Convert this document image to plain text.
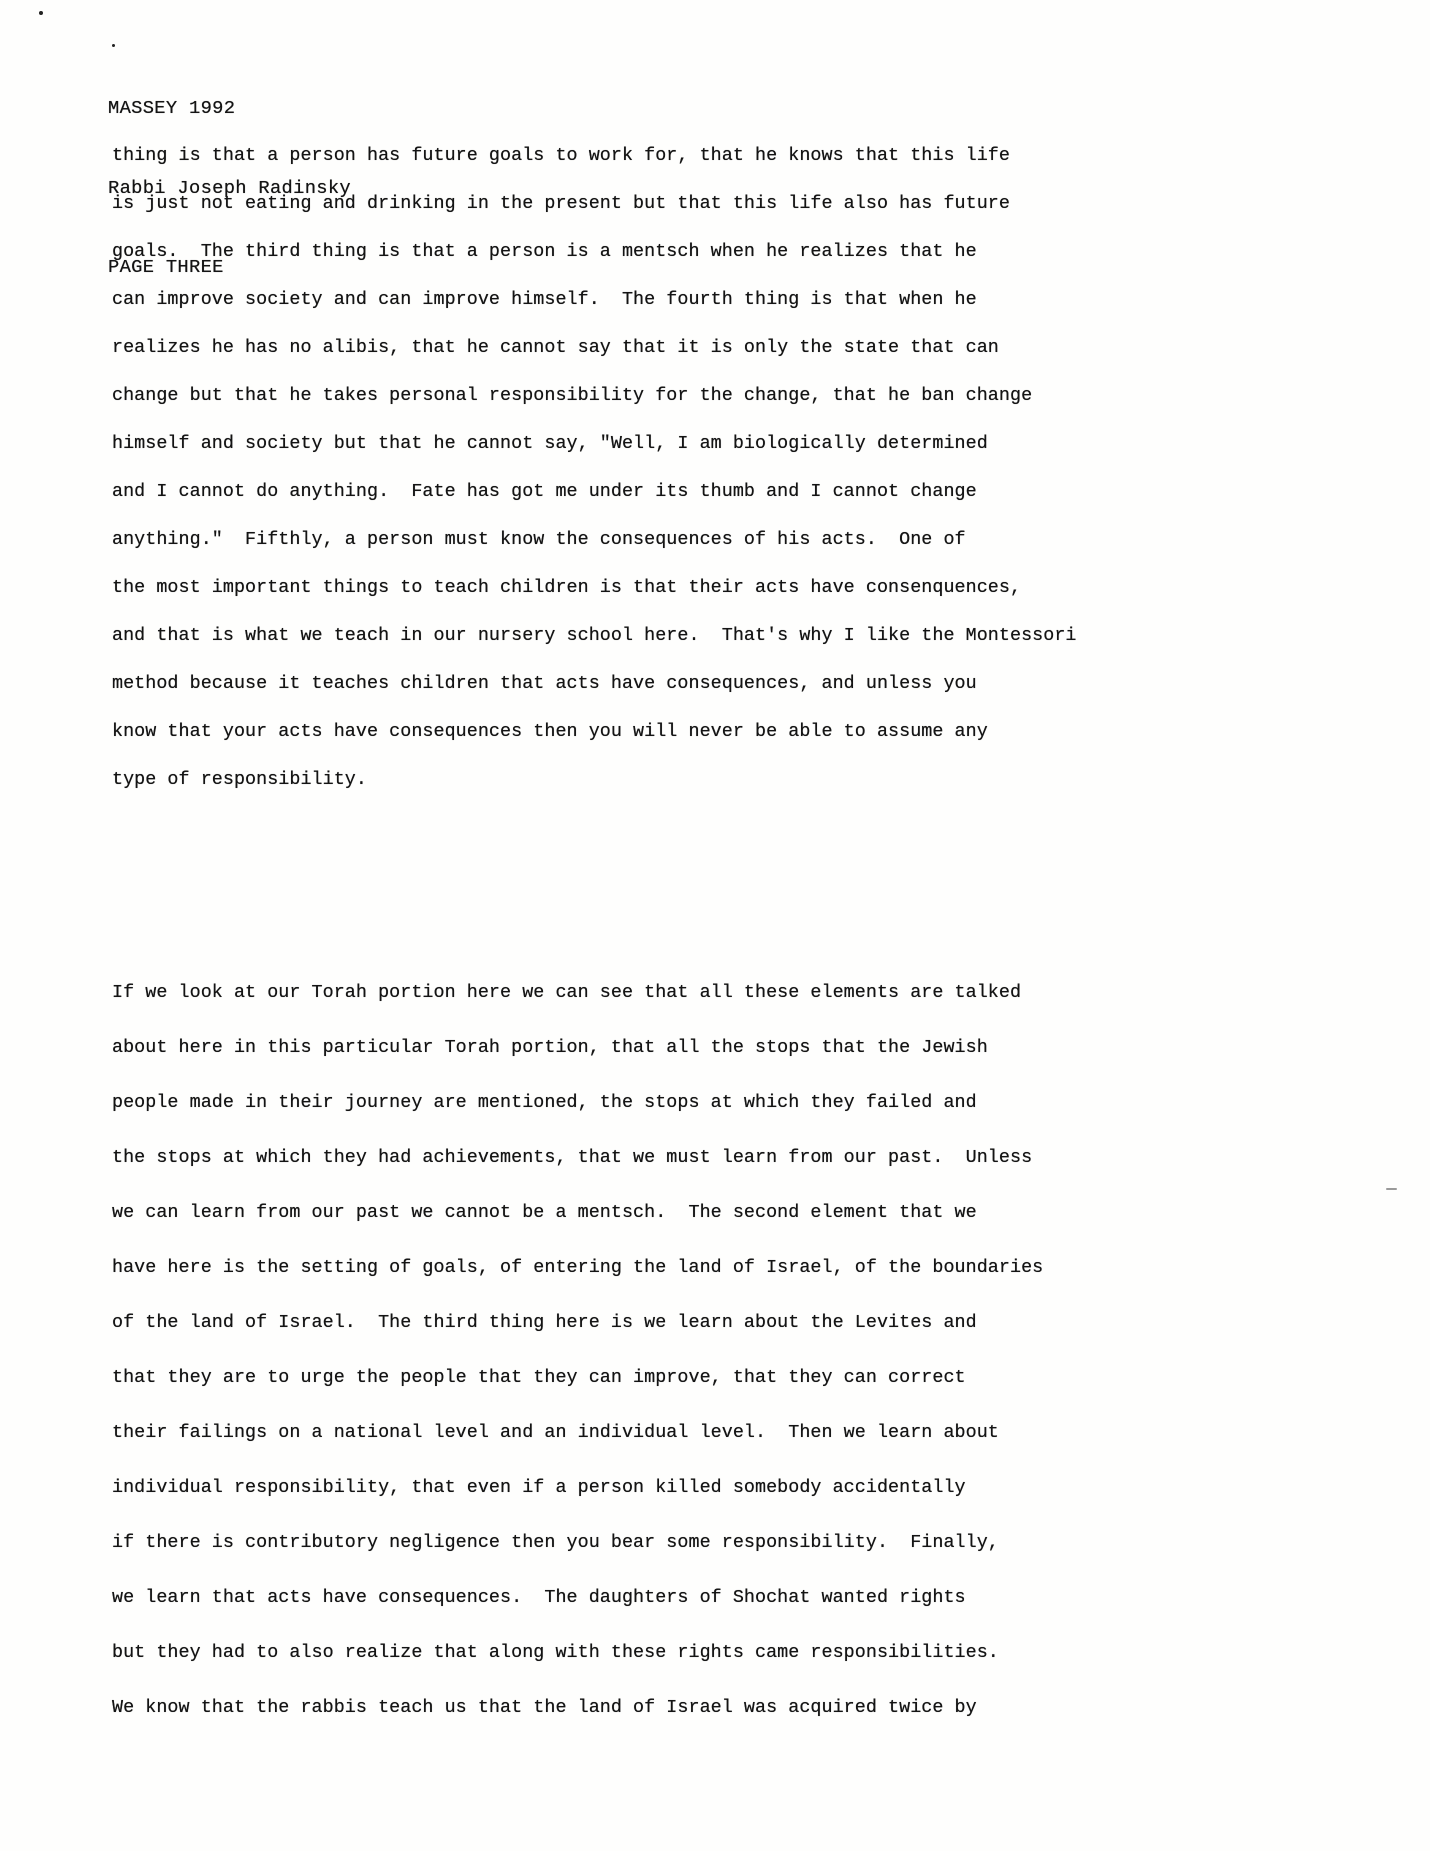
MASSEY 1992

Rabbi Joseph Radinsky

PAGE THREE

thing is that a person has future goals to work for, that he knows that this life
is just not eating and drinking in the present but that this life also has future
goals.  The third thing is that a person is a mentsch when he realizes that he
can improve society and can improve himself.  The fourth thing is that when he
realizes he has no alibis, that he cannot say that it is only the state that can
change but that he takes personal responsibility for the change, that he ban change
himself and society but that he cannot say, "Well, I am biologically determined
and I cannot do anything.  Fate has got me under its thumb and I cannot change
anything."  Fifthly, a person must know the consequences of his acts.  One of
the most important things to teach children is that their acts have consenquences,
and that is what we teach in our nursery school here.  That's why I like the Montessori
method because it teaches children that acts have consequences, and unless you
know that your acts have consequences then you will never be able to assume any
type of responsibility.
If we look at our Torah portion here we can see that all these elements are talked
about here in this particular Torah portion, that all the stops that the Jewish
people made in their journey are mentioned, the stops at which they failed and
the stops at which they had achievements, that we must learn from our past.  Unless
we can learn from our past we cannot be a mentsch.  The second element that we
have here is the setting of goals, of entering the land of Israel, of the boundaries
of the land of Israel.  The third thing here is we learn about the Levites and
that they are to urge the people that they can improve, that they can correct
their failings on a national level and an individual level.  Then we learn about
individual responsibility, that even if a person killed somebody accidentally
if there is contributory negligence then you bear some responsibility.  Finally,
we learn that acts have consequences.  The daughters of Shochat wanted rights
but they had to also realize that along with these rights came responsibilities.
We know that the rabbis teach us that the land of Israel was acquired twice by
